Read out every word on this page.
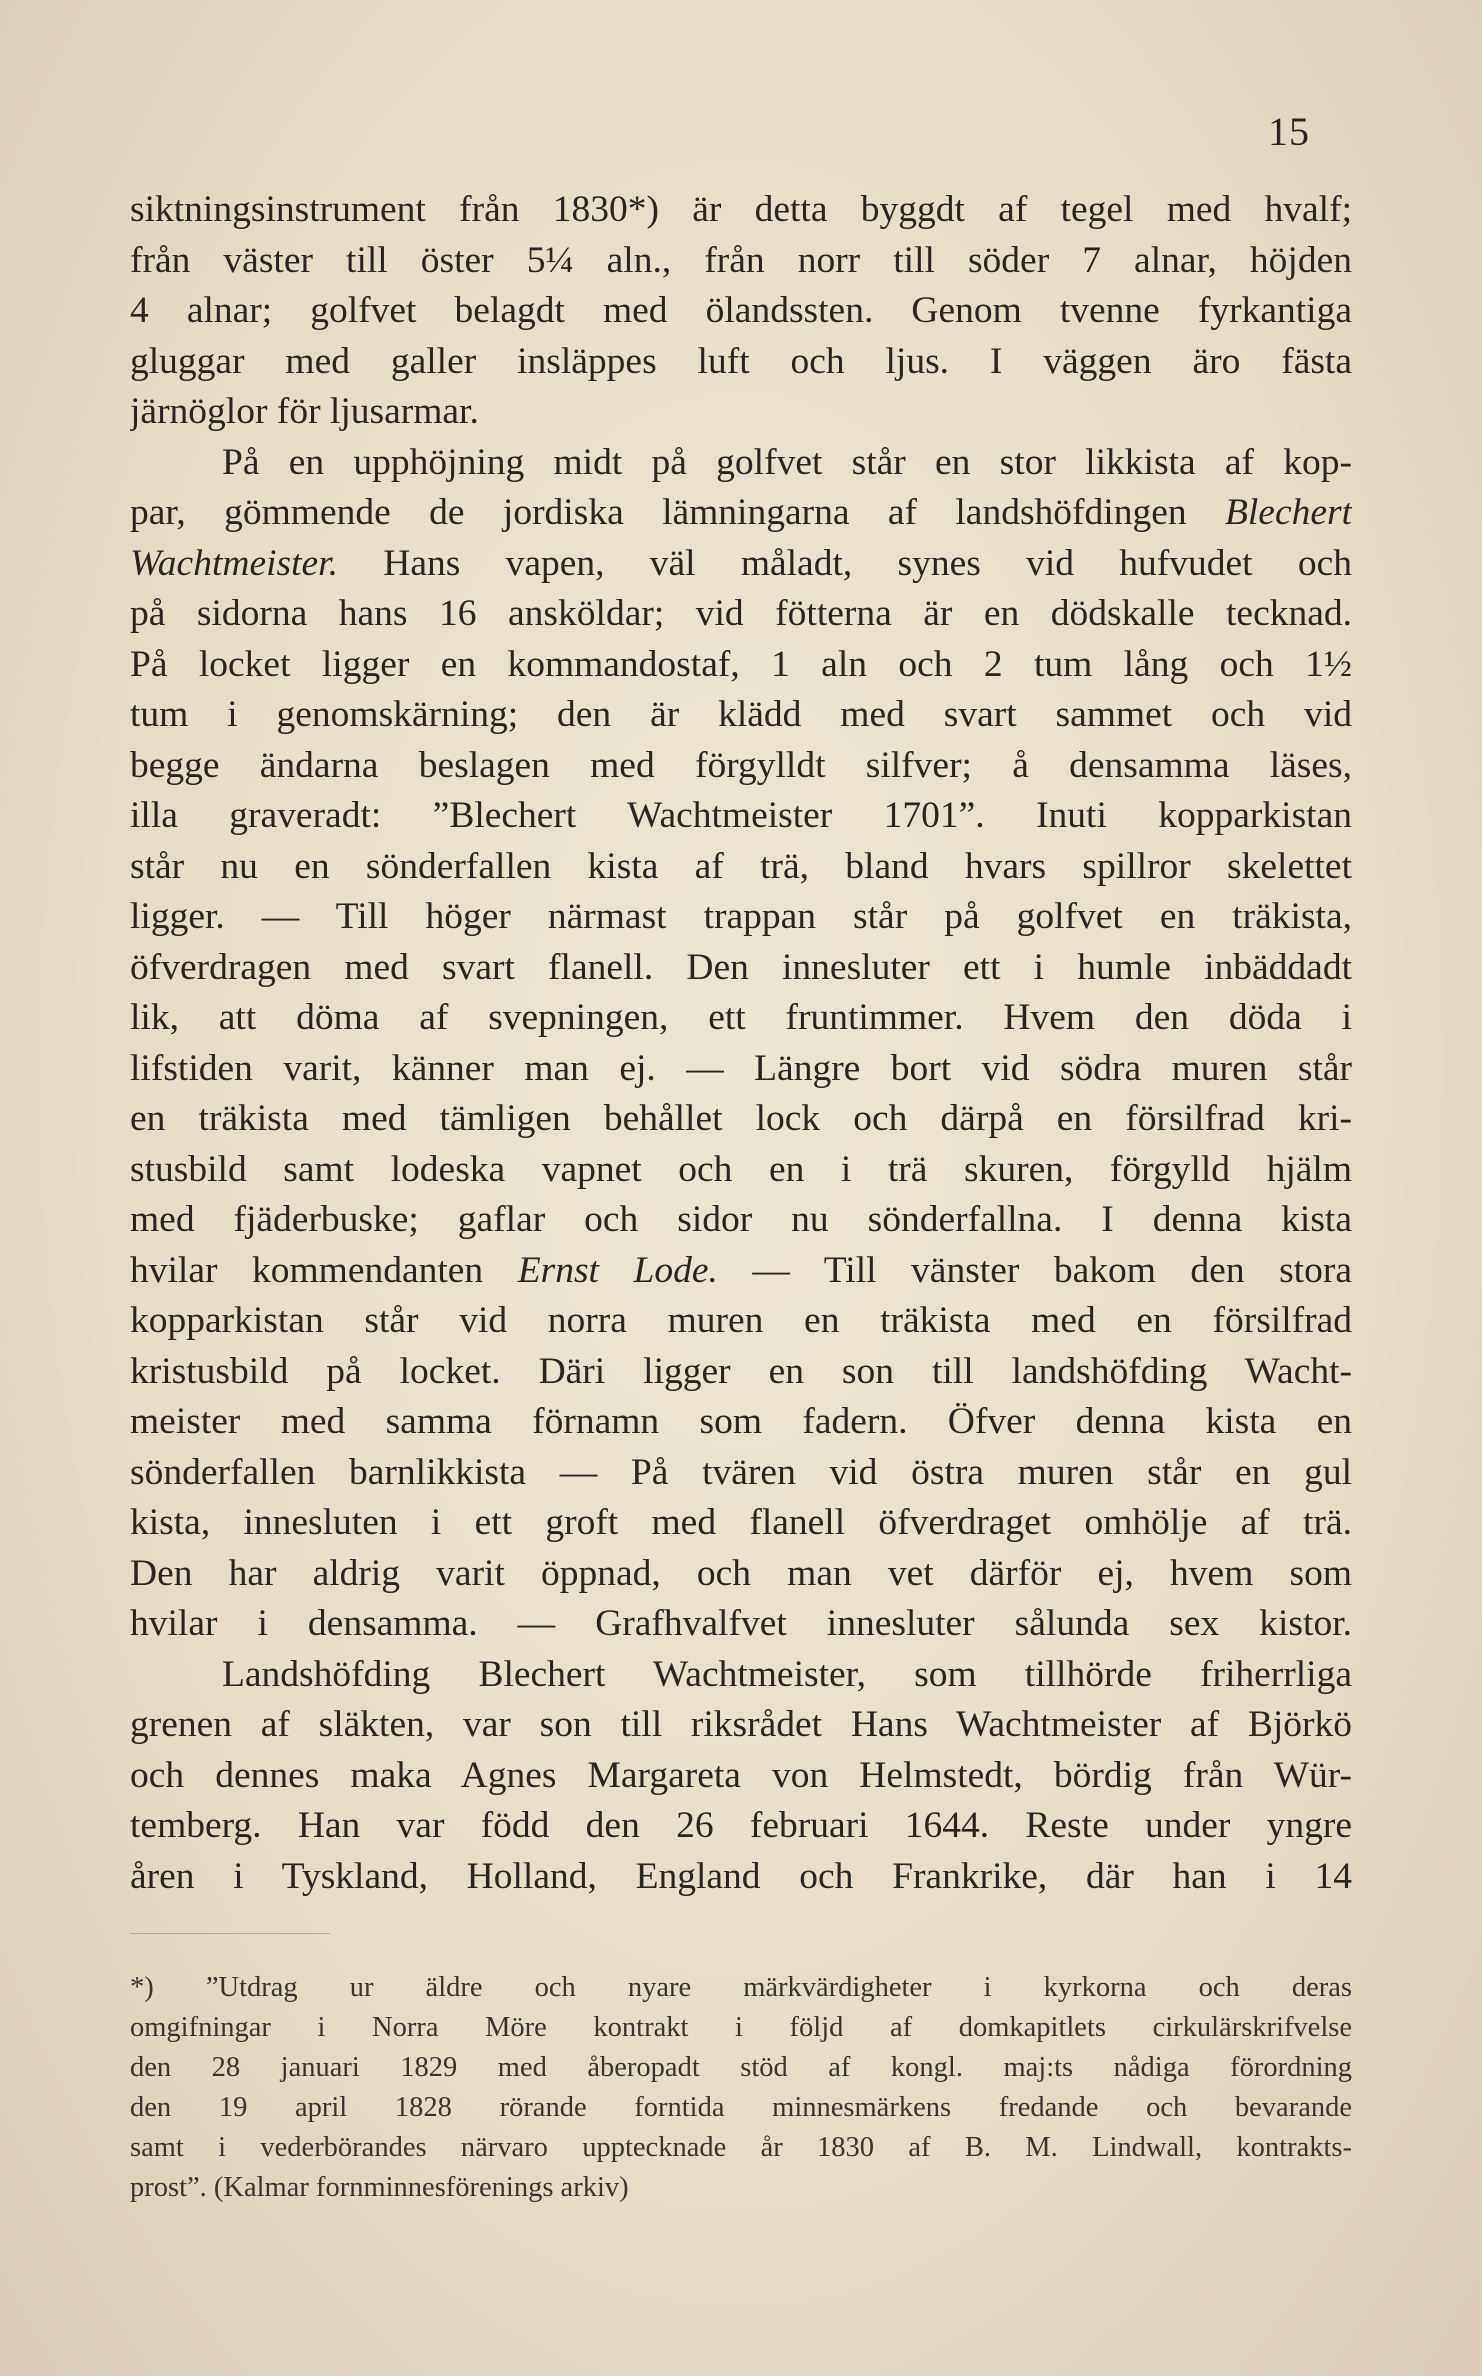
15
siktningsinstrument från 1830*) är detta byggdt af tegel med hvalf;
från väster till öster 5¼ aln., från norr till söder 7 alnar, höjden
4 alnar; golfvet belagdt med ölandssten. Genom tvenne fyrkantiga
gluggar med galler insläppes luft och ljus. I väggen äro fästa
järnöglor för ljusarmar.
På en upphöjning midt på golfvet står en stor likkista af kop-
par, gömmende de jordiska lämningarna af landshöfdingen Blechert
Wachtmeister. Hans vapen, väl måladt, synes vid hufvudet och
på sidorna hans 16 ansköldar; vid fötterna är en dödskalle tecknad.
På locket ligger en kommandostaf, 1 aln och 2 tum lång och 1½
tum i genomskärning; den är klädd med svart sammet och vid
begge ändarna beslagen med förgylldt silfver; å densamma läses,
illa graveradt: ”Blechert Wachtmeister 1701”. Inuti kopparkistan
står nu en sönderfallen kista af trä, bland hvars spillror skelettet
ligger. — Till höger närmast trappan står på golfvet en träkista,
öfverdragen med svart flanell. Den innesluter ett i humle inbäddadt
lik, att döma af svepningen, ett fruntimmer. Hvem den döda i
lifstiden varit, känner man ej. — Längre bort vid södra muren står
en träkista med tämligen behållet lock och därpå en försilfrad kri-
stusbild samt lodeska vapnet och en i trä skuren, förgylld hjälm
med fjäderbuske; gaflar och sidor nu sönderfallna. I denna kista
hvilar kommendanten Ernst Lode. — Till vänster bakom den stora
kopparkistan står vid norra muren en träkista med en försilfrad
kristusbild på locket. Däri ligger en son till landshöfding Wacht-
meister med samma förnamn som fadern. Öfver denna kista en
sönderfallen barnlikkista — På tvären vid östra muren står en gul
kista, innesluten i ett groft med flanell öfverdraget omhölje af trä.
Den har aldrig varit öppnad, och man vet därför ej, hvem som
hvilar i densamma. — Grafhvalfvet innesluter sålunda sex kistor.
Landshöfding Blechert Wachtmeister, som tillhörde friherrliga
grenen af släkten, var son till riksrådet Hans Wachtmeister af Björkö
och dennes maka Agnes Margareta von Helmstedt, bördig från Wür-
temberg. Han var född den 26 februari 1644. Reste under yngre
åren i Tyskland, Holland, England och Frankrike, där han i 14
*) ”Utdrag ur äldre och nyare märkvärdigheter i kyrkorna och deras
omgifningar i Norra Möre kontrakt i följd af domkapitlets cirkulärskrifvelse
den 28 januari 1829 med åberopadt stöd af kongl. maj:ts nådiga förordning
den 19 april 1828 rörande forntida minnesmärkens fredande och bevarande
samt i vederbörandes närvaro upptecknade år 1830 af B. M. Lindwall, kontrakts-
prost”. (Kalmar fornminnesförenings arkiv)
